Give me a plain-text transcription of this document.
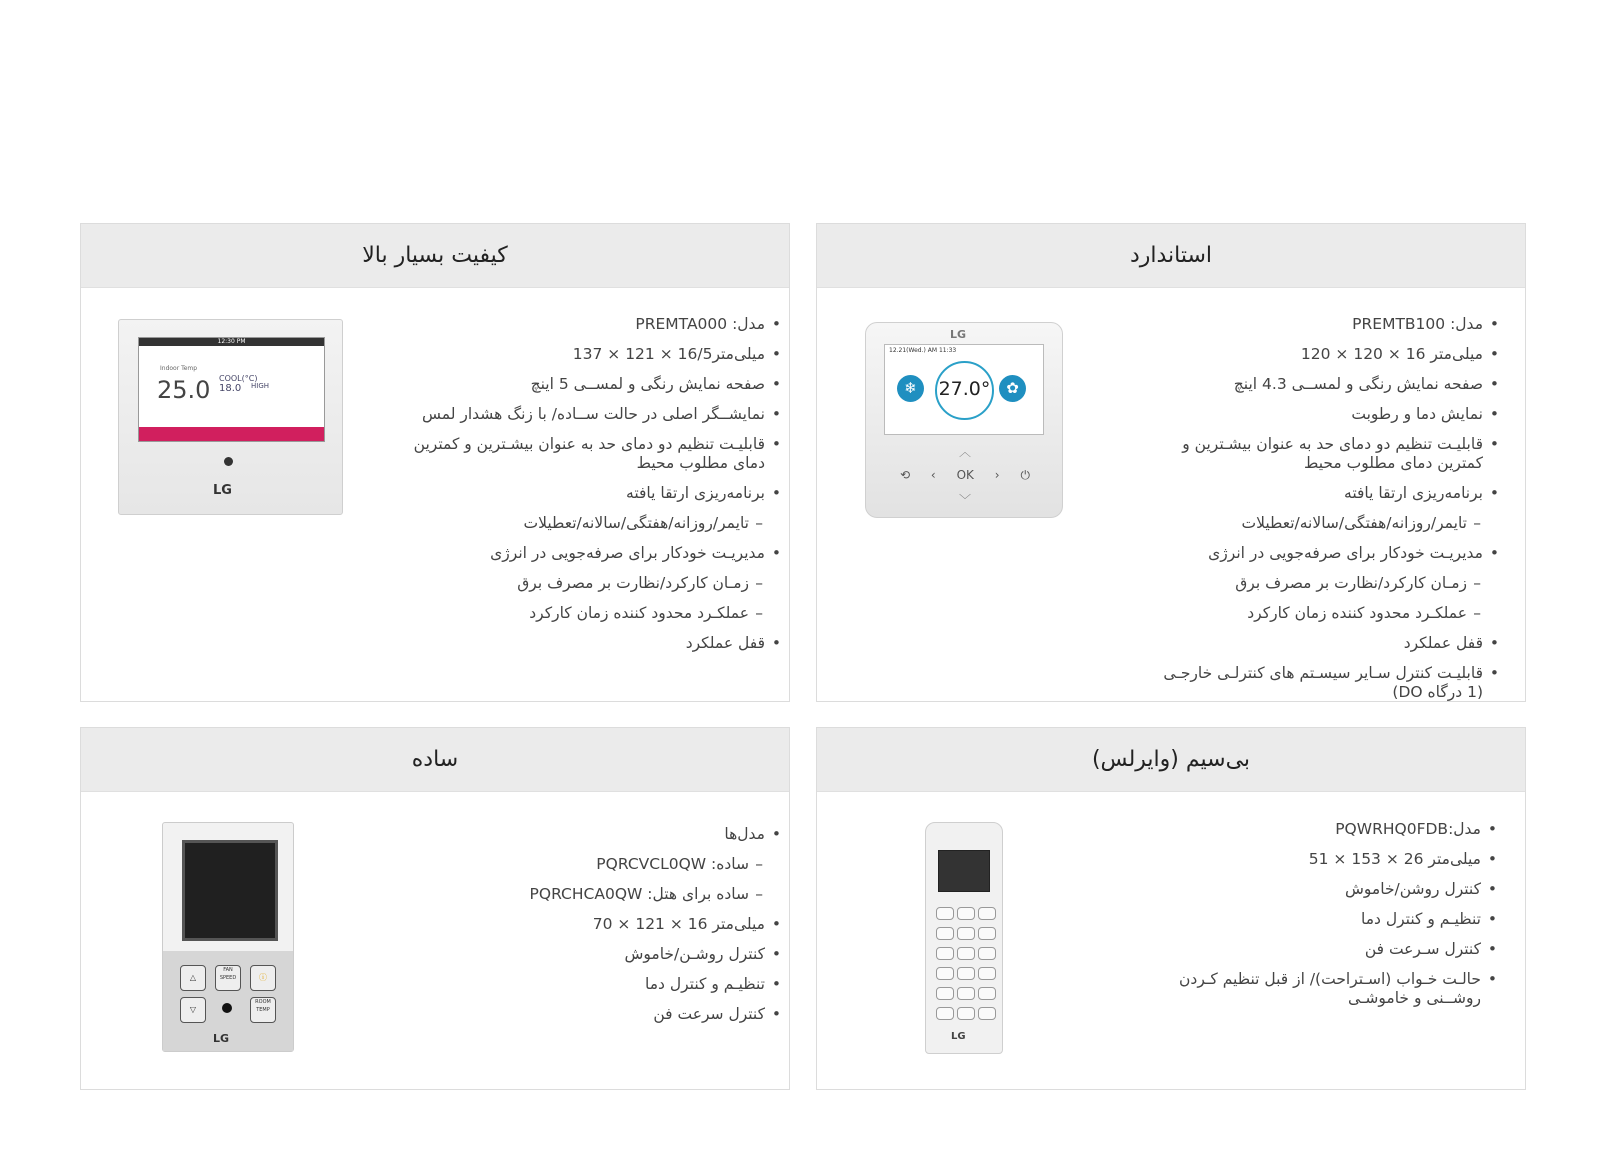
کیفیت بسیار بالا
• مدل: PREMTA000
• میلی‌متر16/5 × 121 × 137
• صفحه نمایش رنگی و لمســی 5 اینچ
• نمایشــگر اصلی در حالت ســاده/ با زنگ هشدار لمس
• قابلیـت تنظیم دو دمای حد به عنوان بیشـترین و کمترین دمای مطلوب محیط
• برنامه‌ریزی ارتقا یافته
– تایمر/روزانه/هفتگی/سالانه/تعطیلات
• مدیریـت خودکار برای صرفه‌جویی در انرژی
– زمـان کارکرد/نظارت بر مصرف برق
– عملکـرد محدود کننده زمان کارکرد
• قفل عملکرد
12:30 PM
Indoor Temp
25.0 COOL(°C)
18.0	HIGH
LG
استاندارد
• مدل: PREMTB100
• میلی‌متر 16 × 120 × 120
• صفحه نمایش رنگی و لمســی 4.3 اینچ
• نمایش دما و رطوبت
• قابلیـت تنظیم دو دمای حد به عنوان بیشـترین و کمترین دمای مطلوب محیط
• برنامه‌ریزی ارتقا یافته
– تایمر/روزانه/هفتگی/سالانه/تعطیلات
• مدیریـت خودکار برای صرفه‌جویی در انرژی
– زمـان کارکرد/نظارت بر مصرف برق
– عملکـرد محدود کننده زمان کارکرد
• قفل عملکرد
• قابلیـت کنترل سـایر سیسـتم های کنترلـی خارجـی (1 درگاه DO)
LG
12.21(Wed.) AM 11:33
❄	27.0°	✿
︿
⟲ ‹ OK › ⏻
﹀
ساده
• مدل‌ها
– ساده: PQRCVCL0QW
– ساده برای هتل: PQRCHCA0QW
• میلی‌متر 16 × 121 × 70
• کنترل روشـن/خاموش
• تنظیـم و کنترل دما
• کنترل سرعت فن
△
FAN SPEED	ⓘ
▽
ROOM TEMP
LG
بی‌سیم (وایرلس)
• مدل:PQWRHQ0FDB
• میلی‌متر 26 × 153 × 51
• کنترل روشن/خاموش
• تنظیـم و کنترل دما
• کنترل سـرعت فن
• حالـت خـواب (اسـتراحت)/ از قبل تنظیم کـردن روشــنی و خاموشـی
LG
